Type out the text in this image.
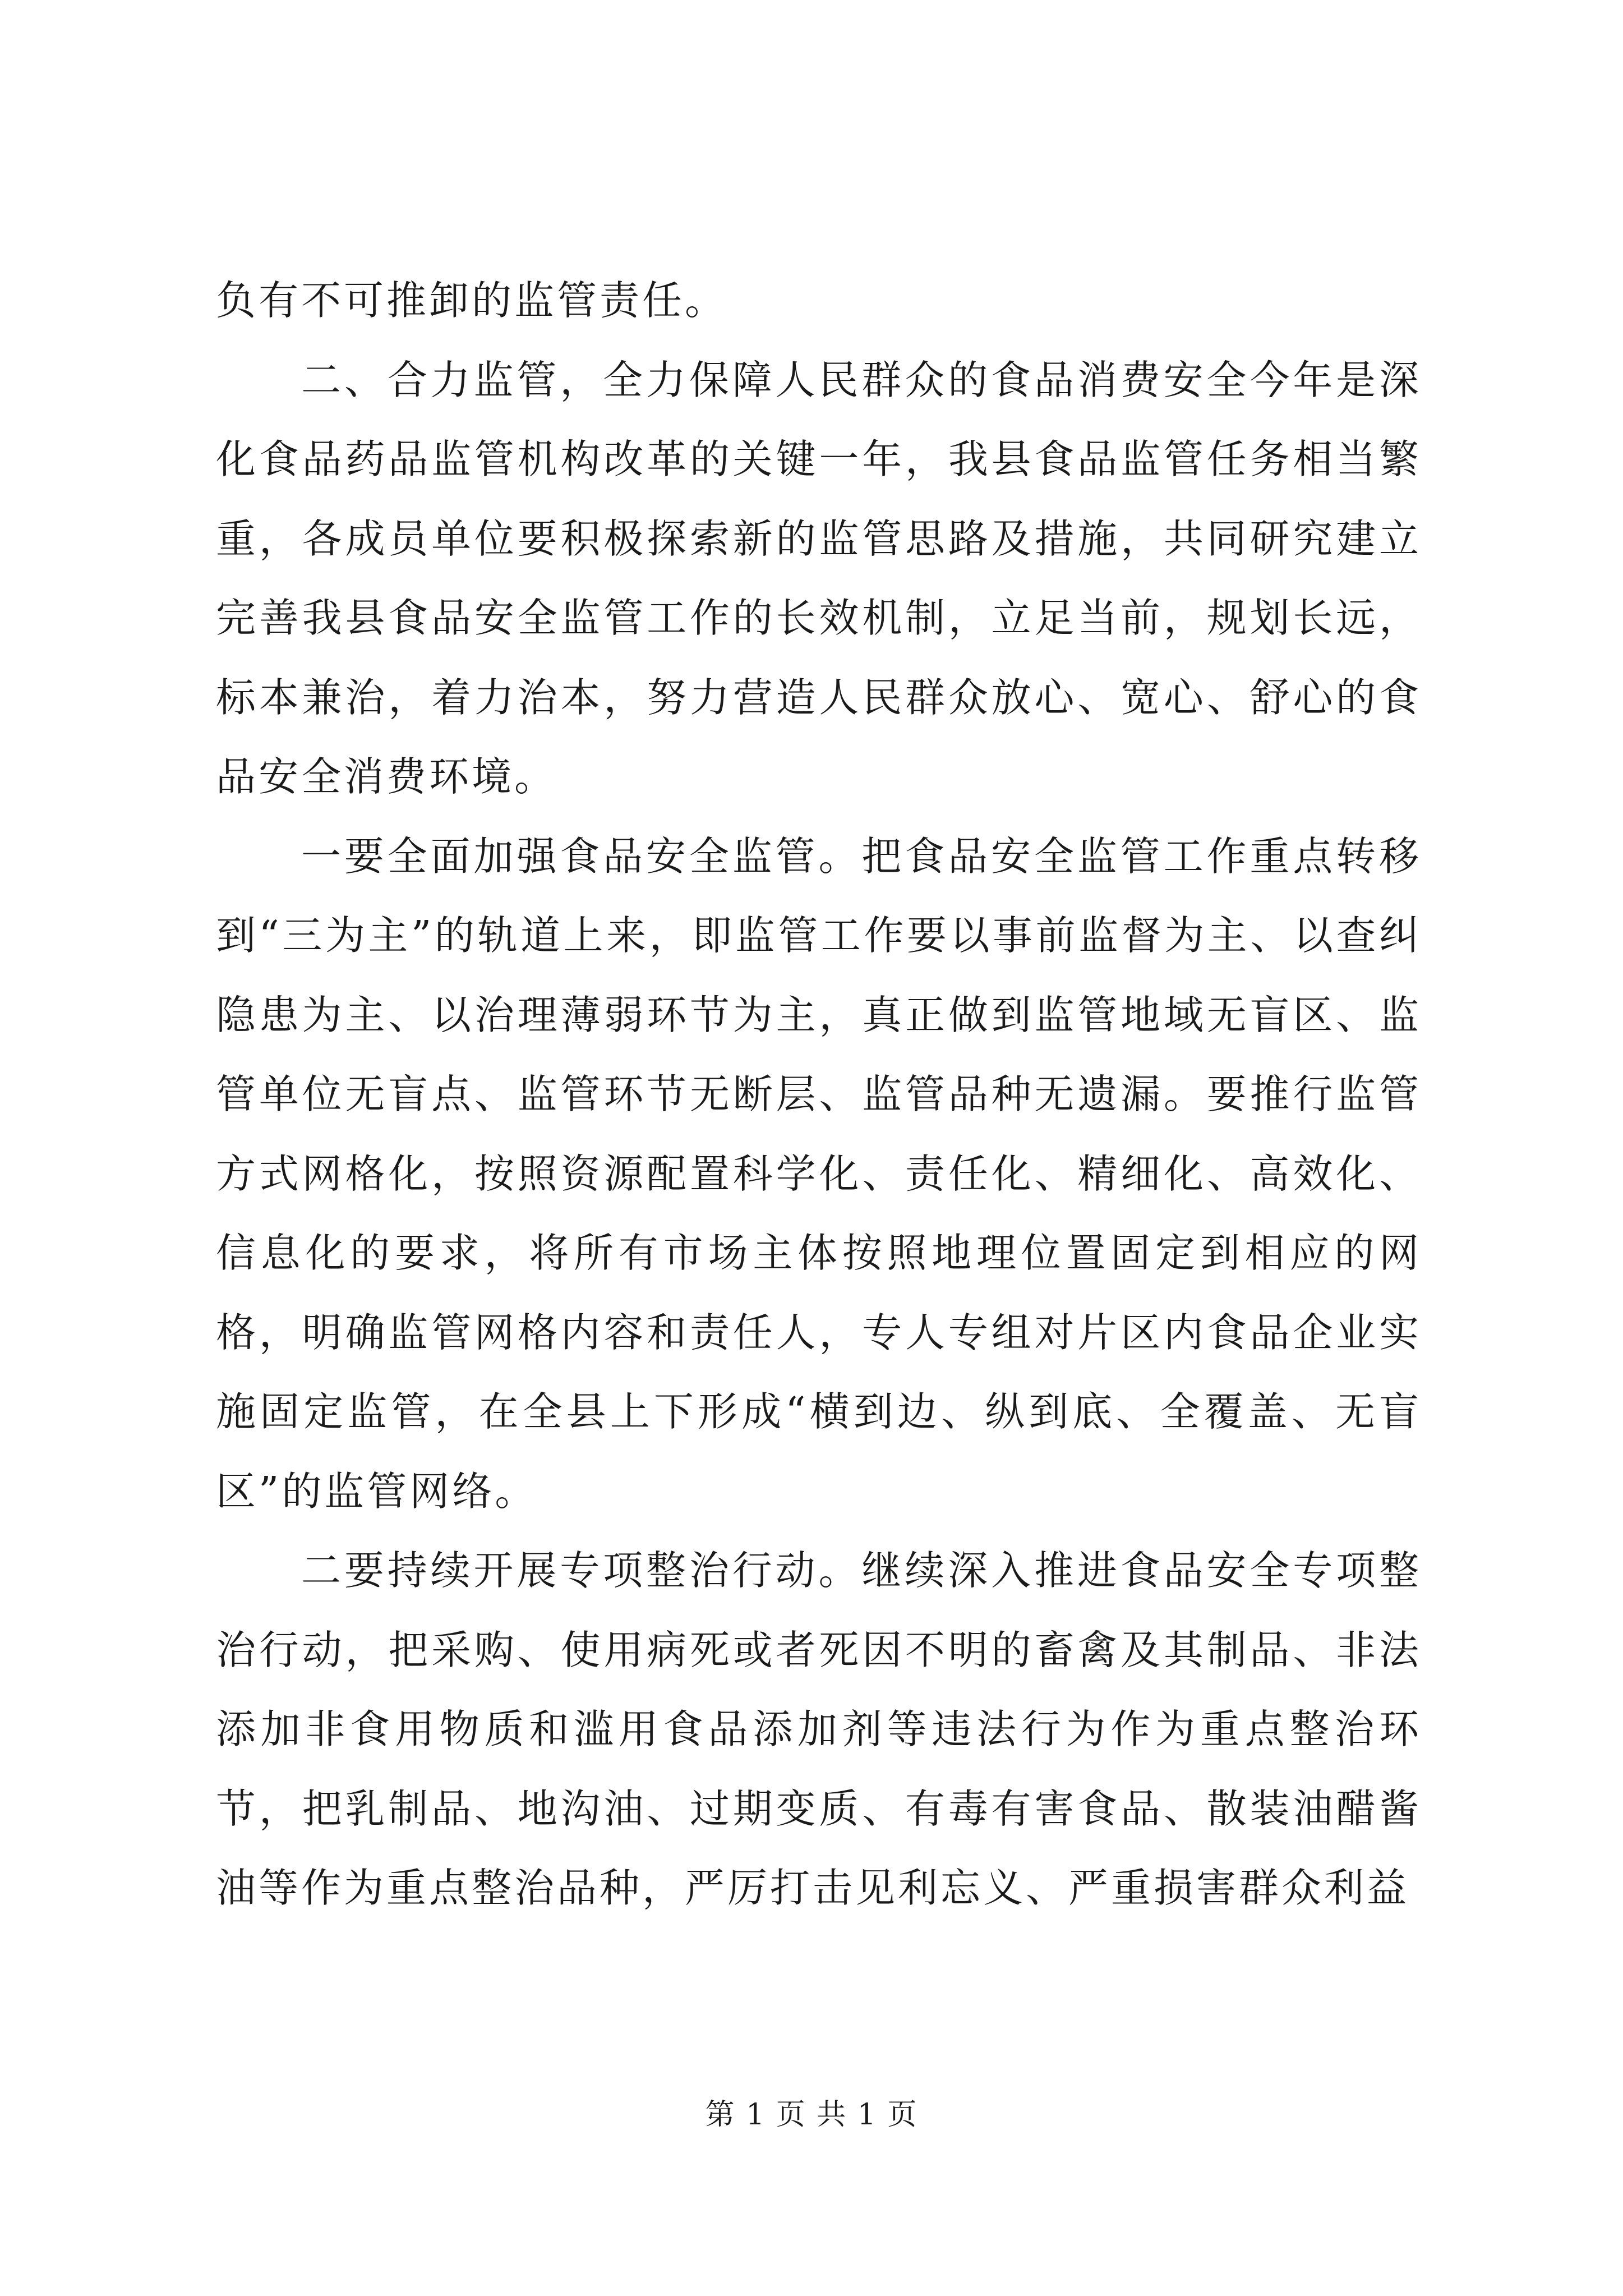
负有不可推卸的监管责任。

二、合力监管，全力保障人民群众的食品消费安全今年是深化食品药品监管机构改革的关键一年，我县食品监管任务相当繁重，各成员单位要积极探索新的监管思路及措施，共同研究建立完善我县食品安全监管工作的长效机制，立足当前，规划长远，标本兼治，着力治本，努力营造人民群众放心、宽心、舒心的食品安全消费环境。

一要全面加强食品安全监管。把食品安全监管工作重点转移到“三为主”的轨道上来，即监管工作要以事前监督为主、以查纠隐患为主、以治理薄弱环节为主，真正做到监管地域无盲区、监管单位无盲点、监管环节无断层、监管品种无遗漏。要推行监管方式网格化，按照资源配置科学化、责任化、精细化、高效化、信息化的要求，将所有市场主体按照地理位置固定到相应的网格，明确监管网格内容和责任人，专人专组对片区内食品企业实施固定监管，在全县上下形成“横到边、纵到底、全覆盖、无盲区”的监管网络。

二要持续开展专项整治行动。继续深入推进食品安全专项整治行动，把采购、使用病死或者死因不明的畜禽及其制品、非法添加非食用物质和滥用食品添加剂等违法行为作为重点整治环节，把乳制品、地沟油、过期变质、有毒有害食品、散装油醋酱油等作为重点整治品种，严厉打击见利忘义、严重损害群众利益

第 1 页 共 1 页
